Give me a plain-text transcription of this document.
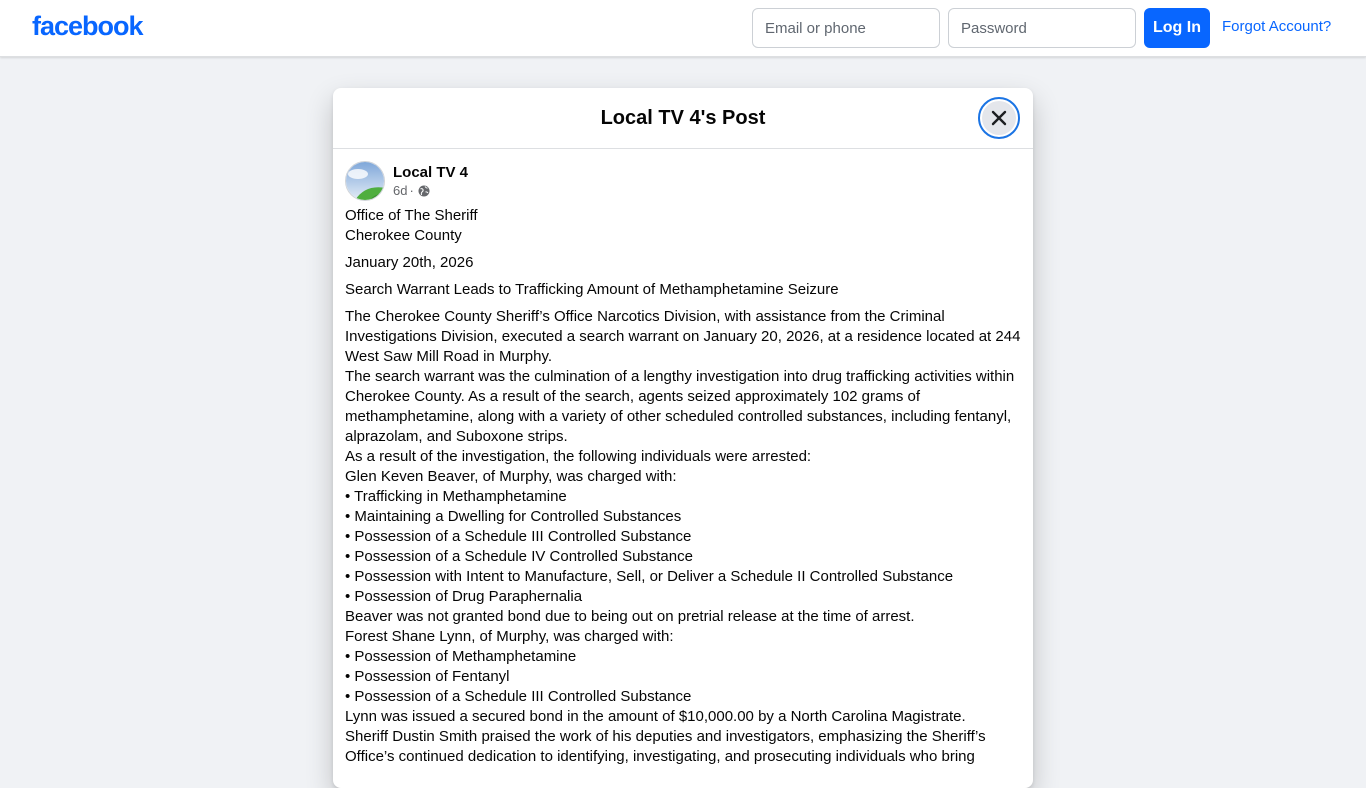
facebook
Email or phone	Log In	Forgot Account?
Local TV 4's Post
Local TV 4
6d ·

Office of The Sheriff

Cherokee County

January 20th, 2026

Search Warrant Leads to Trafficking Amount of Methamphetamine Seizure

The Cherokee County Sheriff’s Office Narcotics Division, with assistance from the Criminal Investigations Division, executed a search warrant on January 20, 2026, at a residence located at 244 West Saw Mill Road in Murphy.

The search warrant was the culmination of a lengthy investigation into drug trafficking activities within Cherokee County. As a result of the search, agents seized approximately 102 grams of methamphetamine, along with a variety of other scheduled controlled substances, including fentanyl, alprazolam, and Suboxone strips.

As a result of the investigation, the following individuals were arrested:

Glen Keven Beaver, of Murphy, was charged with:

• Trafficking in Methamphetamine

• Maintaining a Dwelling for Controlled Substances

• Possession of a Schedule III Controlled Substance

• Possession of a Schedule IV Controlled Substance

• Possession with Intent to Manufacture, Sell, or Deliver a Schedule II Controlled Substance

• Possession of Drug Paraphernalia

Beaver was not granted bond due to being out on pretrial release at the time of arrest.

Forest Shane Lynn, of Murphy, was charged with:

• Possession of Methamphetamine

• Possession of Fentanyl

• Possession of a Schedule III Controlled Substance

Lynn was issued a secured bond in the amount of $10,000.00 by a North Carolina Magistrate.

Sheriff Dustin Smith praised the work of his deputies and investigators, emphasizing the Sheriff’s Office’s continued dedication to identifying, investigating, and prosecuting individuals who bring
